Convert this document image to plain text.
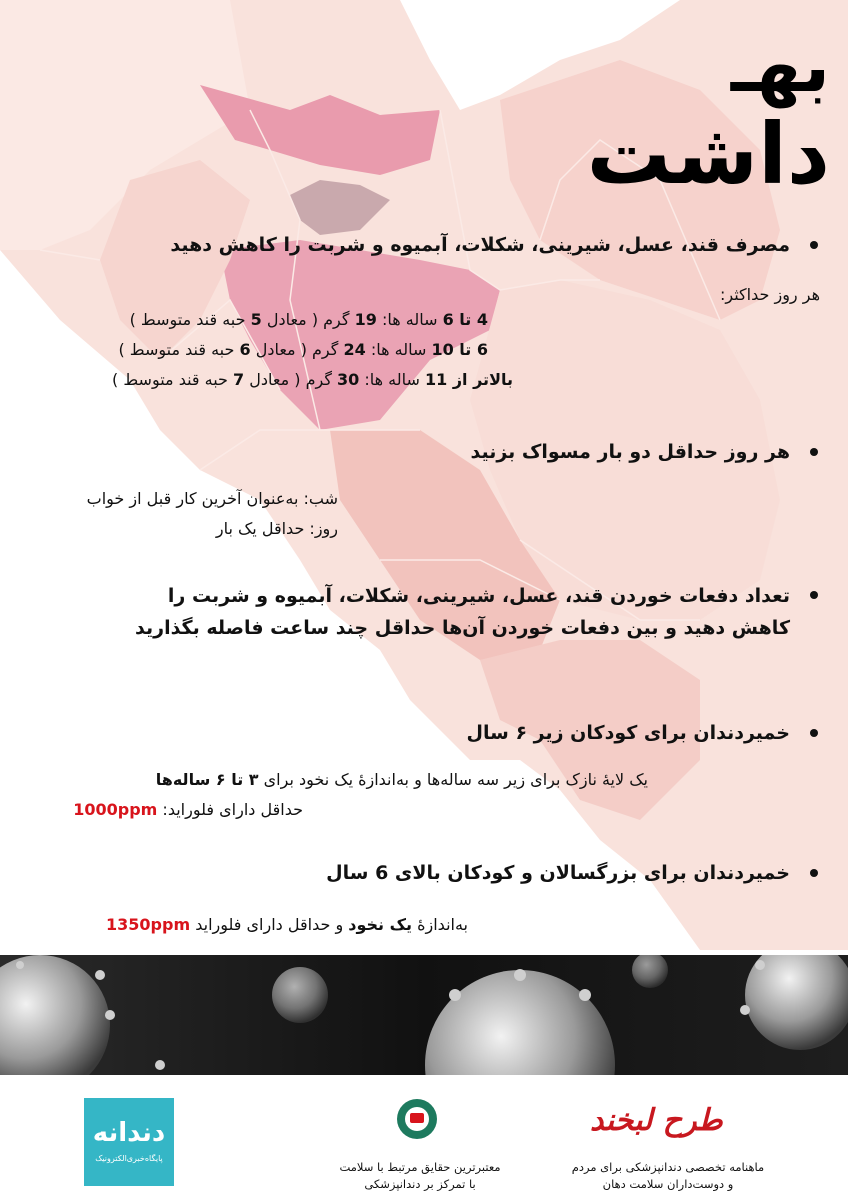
بهـ
داشت
مصرف قند، عسل، شیرینی، شکلات، آبمیوه و شربت را کاهش دهید
هر روز حداکثر:
4 تا 6 ساله ها: 19 گرم ( معادل 5 حبه قند متوسط )
6 تا 10 ساله ها: 24 گرم ( معادل 6 حبه قند متوسط )
بالاتر از 11 ساله ها: 30 گرم ( معادل 7 حبه قند متوسط )
هر روز حداقل دو بار مسواک بزنید
شب: به‌عنوان آخرین کار قبل از خواب
روز: حداقل یک بار
تعداد دفعات خوردن قند، عسل، شیرینی، شکلات، آبمیوه و شربت را
کاهش دهید و بین دفعات خوردن آن‌ها حداقل چند ساعت فاصله بگذارید
خمیردندان برای کودکان زیر ۶ سال
یک لایهٔ نازک برای زیر سه ساله‌ها و به‌اندازهٔ یک نخود برای ۳ تا ۶ ساله‌ها
حداقل دارای فلوراید: 1000ppm
خمیردندان برای بزرگسالان و کودکان بالای 6 سال
به‌اندازهٔ یک نخود و حداقل دارای فلوراید 1350ppm
دندانه
پایگاه‌خبری‌الکترونیک
معتبرترین حقایق مرتبط با سلامت
با تمرکز بر دندانپزشکی
طرح لبخند
ماهنامه تخصصی دندانپزشکی برای مردم
و دوست‌داران سلامت دهان
